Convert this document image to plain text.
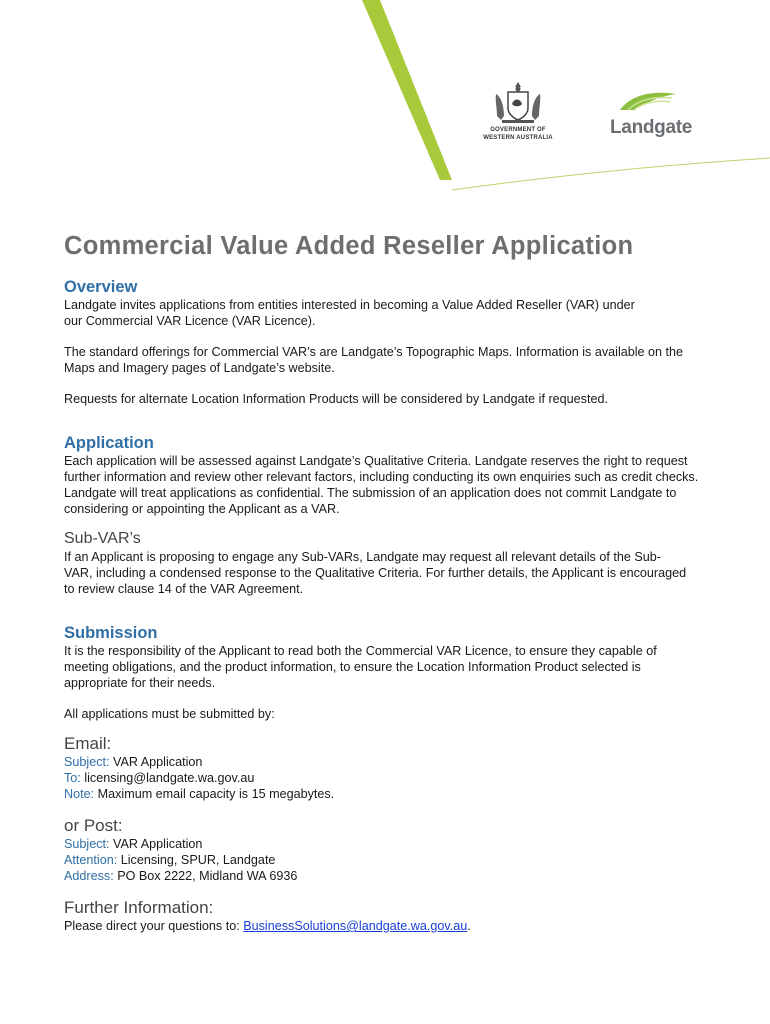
GOVERNMENT OF
WESTERN AUSTRALIA	Landgate
Commercial Value Added Reseller Application
Overview

Landgate invites applications from entities interested in becoming a Value Added Reseller (VAR) under our Commercial VAR Licence (VAR Licence).

The standard offerings for Commercial VAR’s are Landgate’s Topographic Maps. Information is available on the Maps and Imagery pages of Landgate’s website.

Requests for alternate Location Information Products will be considered by Landgate if requested.

Application

Each application will be assessed against Landgate’s Qualitative Criteria. Landgate reserves the right to request further information and review other relevant factors, including conducting its own enquiries such as credit checks. Landgate will treat applications as confidential. The submission of an application does not commit Landgate to considering or appointing the Applicant as a VAR.

Sub-VAR’s

If an Applicant is proposing to engage any Sub-VARs, Landgate may request all relevant details of the Sub-VAR, including a condensed response to the Qualitative Criteria. For further details, the Applicant is encouraged to review clause 14 of the VAR Agreement.

Submission

It is the responsibility of the Applicant to read both the Commercial VAR Licence, to ensure they capable of meeting obligations, and the product information, to ensure the Location Information Product selected is appropriate for their needs.

All applications must be submitted by:

Email:

Subject: VAR Application

To: licensing@landgate.wa.gov.au

Note: Maximum email capacity is 15 megabytes.

or Post:

Subject: VAR Application

Attention: Licensing, SPUR, Landgate

Address: PO Box 2222, Midland WA 6936

Further Information:

Please direct your questions to: BusinessSolutions@landgate.wa.gov.au.
